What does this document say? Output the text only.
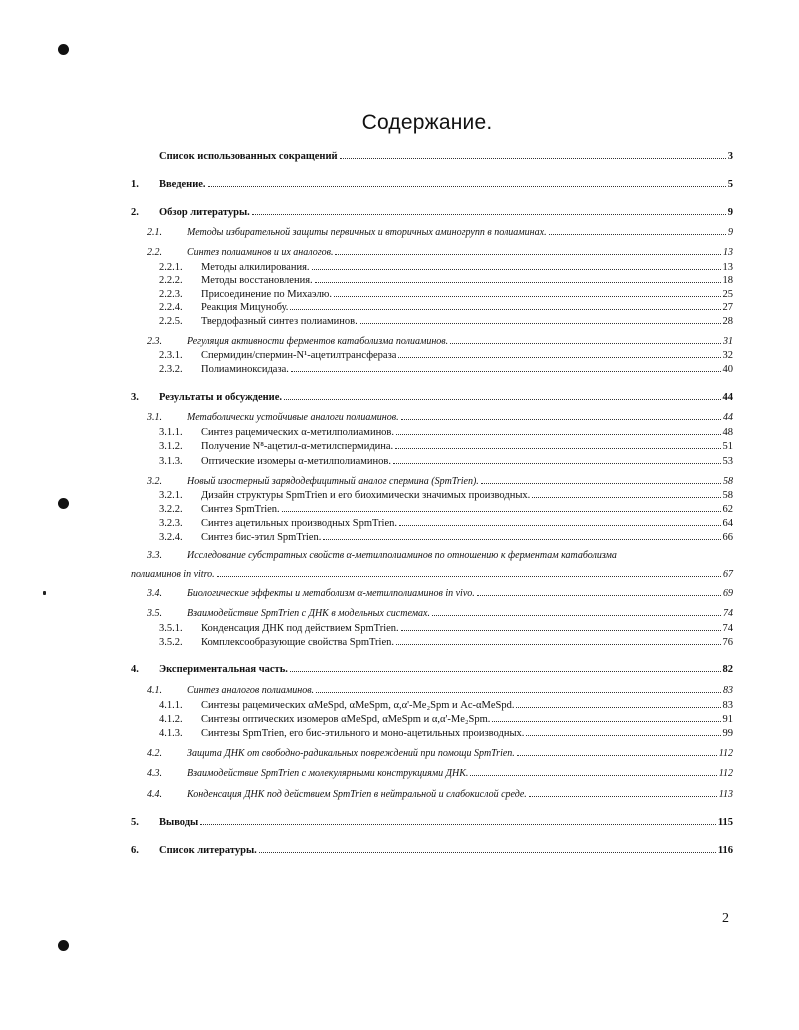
Содержание.
Список использованных сокращений	3
1.	Введение.	5
2.	Обзор литературы.	9
2.1.	Методы избирательной защиты первичных и вторичных аминогрупп в полиаминах.	9
2.2.	Синтез полиаминов и их аналогов.	13
2.2.1.	Методы алкилирования.	13
2.2.2.	Методы восстановления.	18
2.2.3.	Присоединение по Михаэлю.	25
2.2.4.	Реакция Мицунобу.	27
2.2.5.	Твердофазный синтез полиаминов.	28
2.3.	Регуляция активности ферментов катаболизма полиаминов.	31
2.3.1.	Спермидин/спермин-N¹-ацетилтрансфераза	32
2.3.2.	Полиаминоксидаза.	40
3.	Результаты и обсуждение.	44
3.1.	Метаболически устойчивые аналоги полиаминов.	44
3.1.1.	Синтез рацемических α-метилполиаминов.	48
3.1.2.	Получение N⁸-ацетил-α-метилспермидина.	51
3.1.3.	Оптические изомеры α-метилполиаминов.	53
3.2.	Новый изостерный зарядодефицитный аналог спермина (SpmTrien).	58
3.2.1.	Дизайн структуры SpmTrien и его биохимически значимых производных.	58
3.2.2.	Синтез SpmTrien.	62
3.2.3.	Синтез ацетильных производных SpmTrien.	64
3.2.4.	Синтез бис-этил SpmTrien.	66
3.3.	Исследование субстратных свойств α-метилполиаминов по отношению к ферментам катаболизма
полиаминов in vitro.	67
3.4.	Биологические эффекты и метаболизм α-метилполиаминов in vivo.	69
3.5.	Взаимодействие SpmTrien с ДНК в модельных системах.	74
3.5.1.	Конденсация ДНК под действием SpmTrien.	74
3.5.2.	Комплексообразующие свойства SpmTrien.	76
4.	Экспериментальная часть.	82
4.1.	Синтез аналогов полиаминов.	83
4.1.1.	Синтезы рацемических αMeSpd, αMeSpm, α,α'-Me₂Spm и Ac-αMeSpd.	83
4.1.2.	Синтезы оптических изомеров αMeSpd, αMeSpm и α,α'-Me₂Spm.	91
4.1.3.	Синтезы SpmTrien, его бис-этильного и моно-ацетильных производных.	99
4.2.	Защита ДНК от свободно-радикальных повреждений при помощи SpmTrien.	112
4.3.	Взаимодействие SpmTrien с молекулярными конструкциями ДНК.	112
4.4.	Конденсация ДНК под действием SpmTrien в нейтральной и слабокислой среде.	113
5.	Выводы	115
6.	Список литературы.	116
2
